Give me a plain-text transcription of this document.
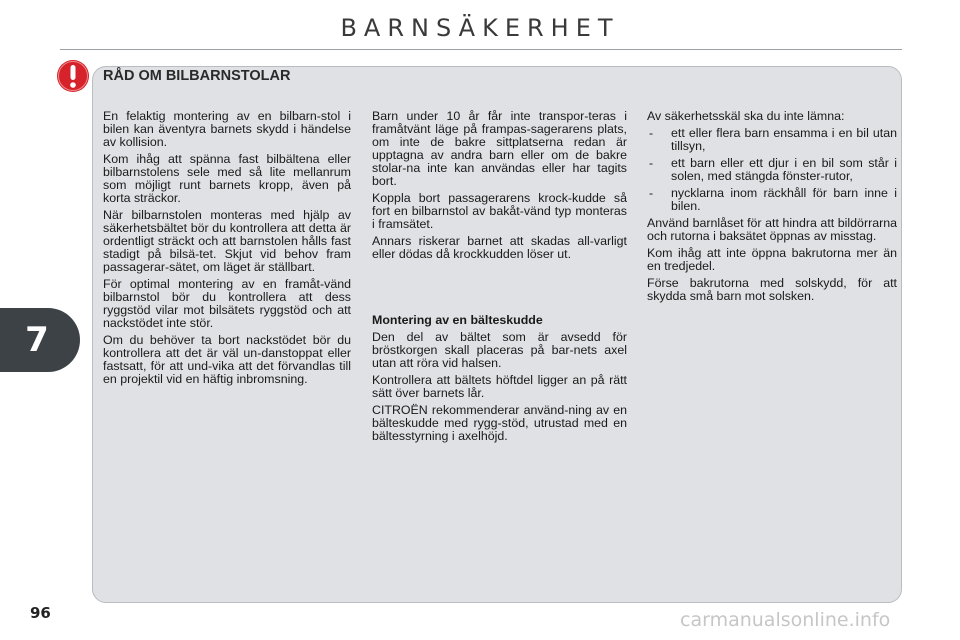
BARNSÄKERHET
RÅD OM BILBARNSTOLAR

En felaktig montering av en bilbarn-stol i bilen kan äventyra barnets skydd i händelse av kollision.

Kom ihåg att spänna fast bilbältena eller bilbarnstolens sele med så lite mellanrum som möjligt runt barnets kropp, även på korta sträckor.

När bilbarnstolen monteras med hjälp av säkerhetsbältet bör du kontrollera att detta är ordentligt sträckt och att barnstolen hålls fast stadigt på bilsä-tet. Skjut vid behov fram passagerar-sätet, om läget är ställbart.

För optimal montering av en framåt-vänd bilbarnstol bör du kontrollera att dess ryggstöd vilar mot bilsätets ryggstöd och att nackstödet inte stör.

Om du behöver ta bort nackstödet bör du kontrollera att det är väl un-danstoppat eller fastsatt, för att und-vika att det förvandlas till en projektil vid en häftig inbromsning.

Barn under 10 år får inte transpor-teras i framåtvänt läge på frampas-sagerarens plats, om inte de bakre sittplatserna redan är upptagna av andra barn eller om de bakre stolar-na inte kan användas eller har tagits bort.

Koppla bort passagerarens krock-kudde så fort en bilbarnstol av bakåt-vänd typ monteras i framsätet.

Annars riskerar barnet att skadas all-varligt eller dödas då krockkudden löser ut.

Montering av en bälteskudde

Den del av bältet som är avsedd för bröstkorgen skall placeras på bar-nets axel utan att röra vid halsen.

Kontrollera att bältets höftdel ligger an på rätt sätt över barnets lår.

CITROËN rekommenderar använd-ning av en bälteskudde med rygg-stöd, utrustad med en bältesstyrning i axelhöjd.

Av säkerhetsskäl ska du inte lämna:

- ett eller flera barn ensamma i en bil utan tillsyn,
- ett barn eller ett djur i en bil som står i solen, med stängda fönster-rutor,
- nycklarna inom räckhåll för barn inne i bilen.

Använd barnlåset för att hindra att bildörrarna och rutorna i baksätet öppnas av misstag.

Kom ihåg att inte öppna bakrutorna mer än en tredjedel.

Förse bakrutorna med solskydd, för att skydda små barn mot solsken.

7
96	carmanualsonline.info
